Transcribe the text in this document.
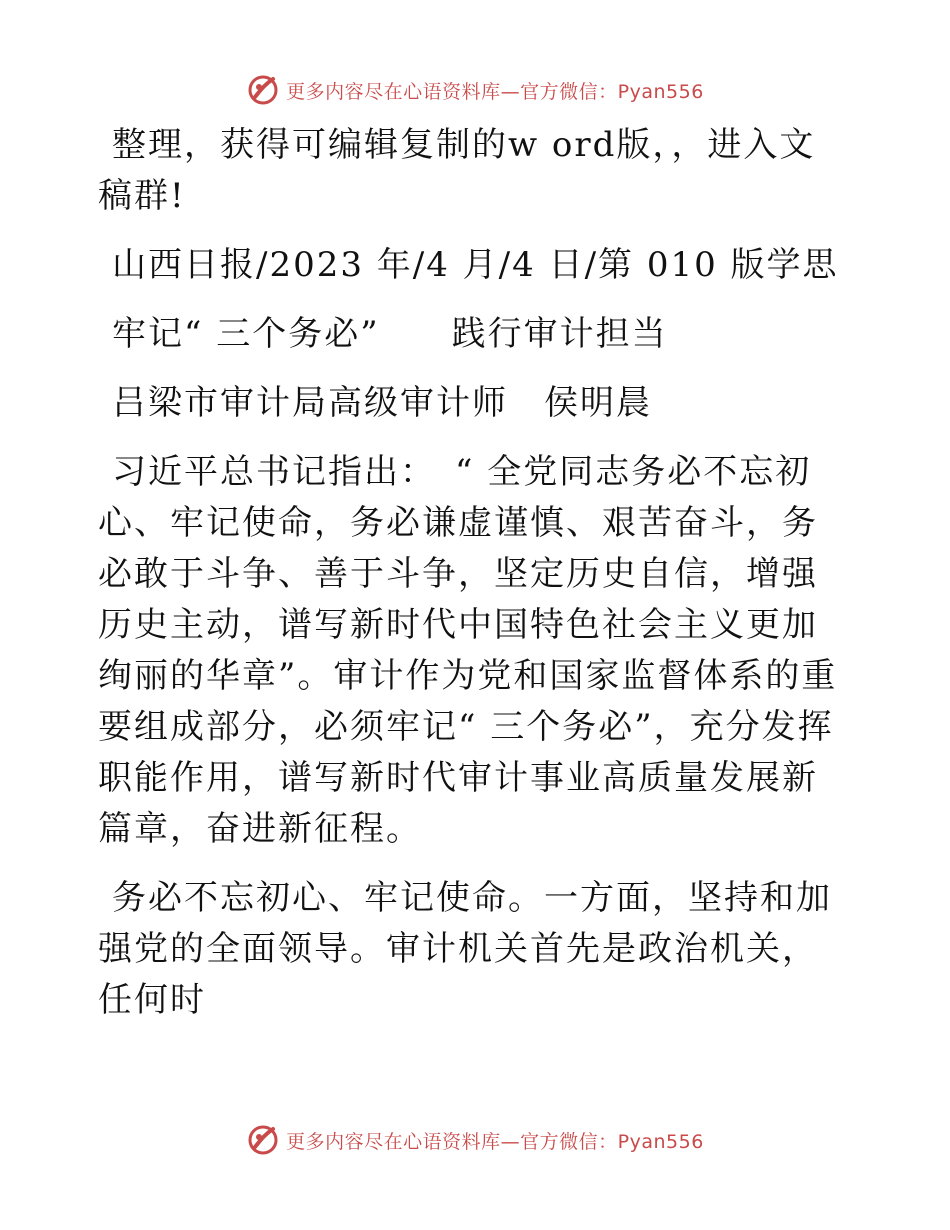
更多内容尽在心语资料库—官方微信：Pyan556

整理，获得可编辑复制的w ord版，，进入文稿群!

山西日报/2023 年/4 月/4 日/第 010 版学思

牢记“ 三个务必”　　践行审计担当

吕梁市审计局高级审计师　侯明晨

习近平总书记指出：　“ 全党同志务必不忘初心、牢记使命，务必谦虚谨慎、艰苦奋斗，务必敢于斗争、善于斗争，坚定历史自信，增强历史主动，谱写新时代中国特色社会主义更加绚丽的华章”。审计作为党和国家监督体系的重要组成部分，必须牢记“ 三个务必”，充分发挥职能作用，谱写新时代审计事业高质量发展新篇章，奋进新征程。

务必不忘初心、牢记使命。一方面，坚持和加强党的全面领导。审计机关首先是政治机关，任何时

更多内容尽在心语资料库—官方微信：Pyan556
